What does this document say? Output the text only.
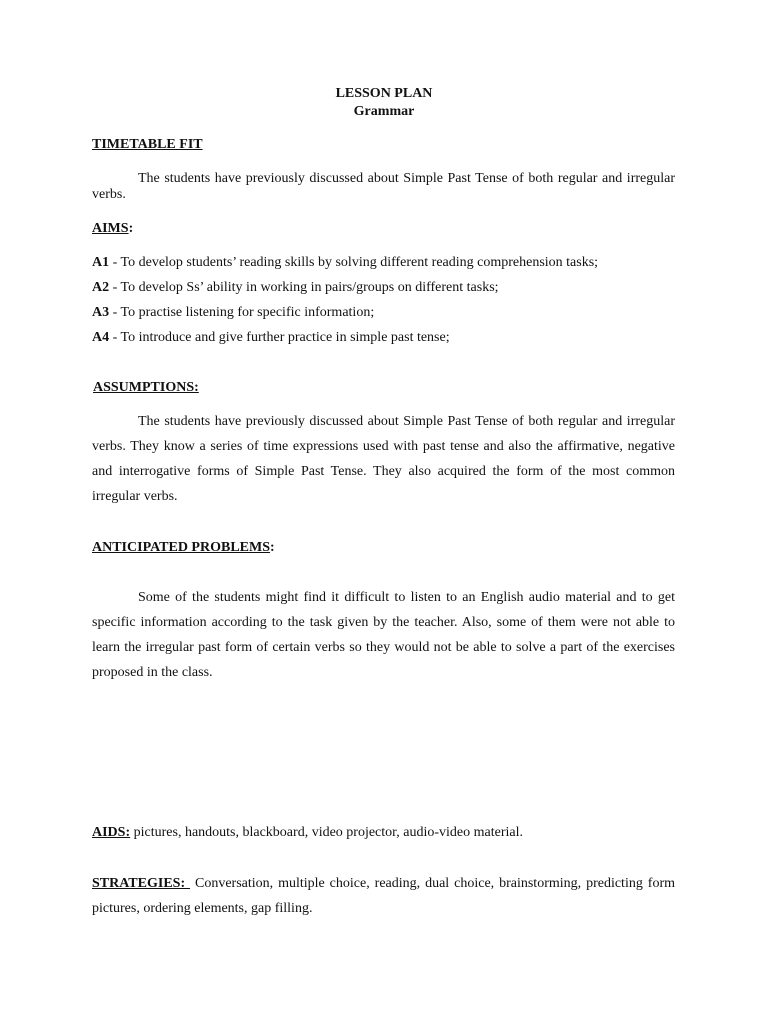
LESSON PLAN

Grammar

TIMETABLE FIT

The students have previously discussed about Simple Past Tense of both regular and irregular verbs.

AIMS:

A1 - To develop students’ reading skills by solving different reading comprehension tasks;

A2 - To develop Ss’ ability in working in pairs/groups on different tasks;

A3 - To practise listening for specific information;

A4 - To introduce and give further practice in simple past tense;

ASSUMPTIONS:

The students have previously discussed about Simple Past Tense of both regular and irregular verbs. They know a series of time expressions used with past tense and also the affirmative, negative and interrogative forms of Simple Past Tense. They also acquired the form of the most common irregular verbs.

ANTICIPATED PROBLEMS:

Some of the students might find it difficult to listen to an English audio material and to get specific information according to the task given by the teacher. Also, some of them were not able to learn the irregular past form of certain verbs so they would not be able to solve a part of the exercises proposed in the class.

AIDS: pictures, handouts, blackboard, video projector, audio-video material.

STRATEGIES:  Conversation, multiple choice, reading, dual choice, brainstorming, predicting form pictures, ordering elements, gap filling.
